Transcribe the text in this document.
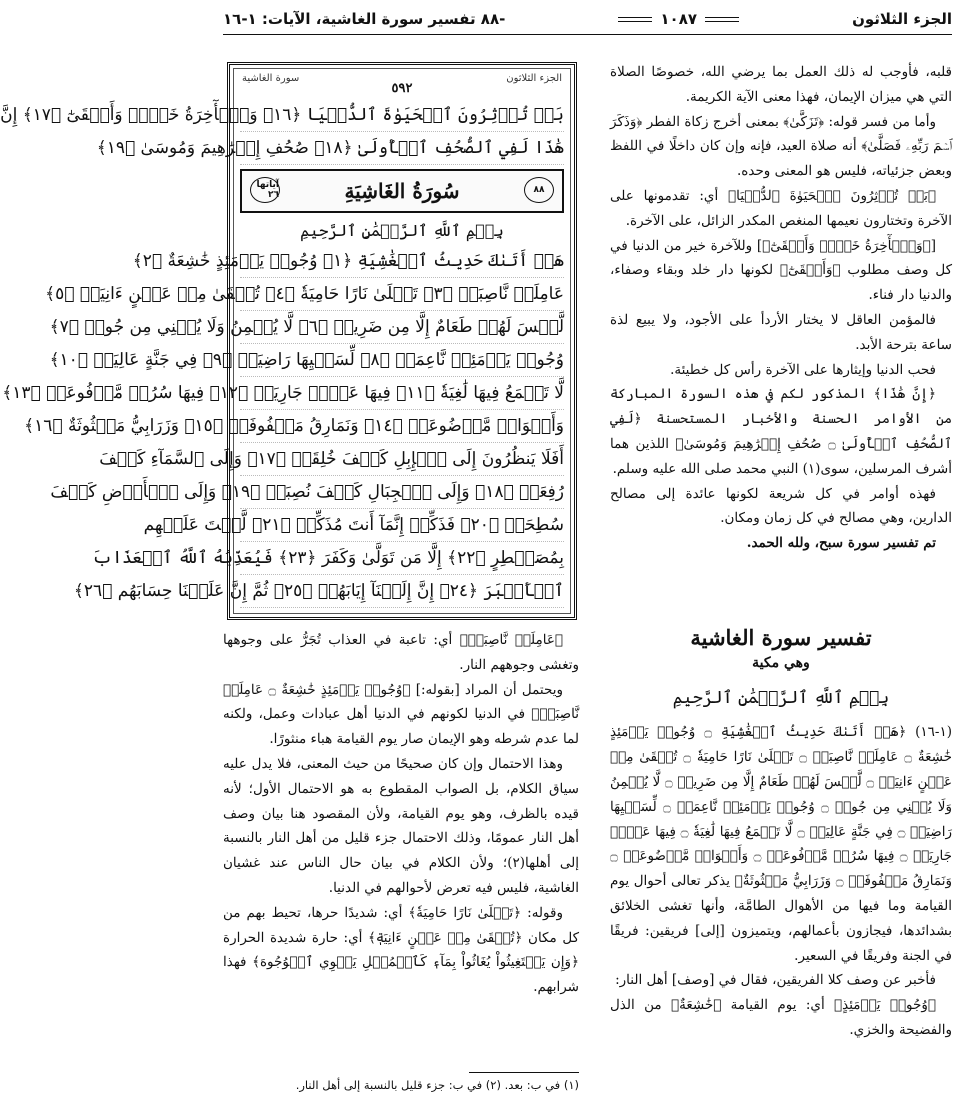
الجزء الثلاثون
١٠٨٧
-٨٨ تفسير سورة الغاشية، الآيات: ١-١٦

قلبه، فأوجب له ذلك العمل بما يرضي الله، خصوصًا الصلاة التي هي ميزان الإيمان، فهذا معنى الآية الكريمة.

وأما من فسر قوله: ﴿تَزَكَّىٰ﴾ بمعنى أخرج زكاة الفطر ﴿وَذَكَرَ ٱسۡمَ رَبِّهِۦ فَصَلَّىٰ﴾ أنه صلاة العيد، فإنه وإن كان داخلًا في اللفظ وبعض جزئياته، فليس هو المعنى وحده.

﴿بَلۡ تُؤۡثِرُونَ ٱلۡحَيَوٰةَ ٱلدُّنۡيَا﴾ أي: تقدمونها على الآخرة وتختارون نعيمها المنغص المكدر الزائل، على الآخرة.

[﴿وَٱلۡأٓخِرَةُ خَيۡرٞ وَأَبۡقَىٰٓ﴾] وللآخرة خير من الدنيا في كل وصف مطلوب ﴿وَأَبۡقَىٰٓ﴾ لكونها دار خلد وبقاء وصفاء، والدنيا دار فناء.

فالمؤمن العاقل لا يختار الأردأ على الأجود، ولا يبيع لذة ساعة بترحة الأبد.

فحب الدنيا وإيثارها على الآخرة رأس كل خطيئة.

﴿إِنَّ هَٰذَا﴾ المذكور لكم في هذه السورة المباركة من الأوامر الحسنة والأخبار المستحسنة ﴿لَفِي ٱلصُّحُفِ ٱلۡأُولَىٰ ۝ صُحُفِ إِبۡرَٰهِيمَ وَمُوسَىٰ﴾ اللذين هما أشرف المرسلين، سوى(١) النبي محمد صلى الله عليه وسلم.

فهذه أوامر في كل شريعة لكونها عائدة إلى مصالح الدارين، وهي مصالح في كل زمان ومكان.

تم تفسير سورة سبح، ولله الحمد.

تفسير سورة الغاشية
وهي مكية
بِسۡمِ ٱللَّهِ ٱلرَّحۡمَٰنِ ٱلرَّحِيمِ

(١-١٦) ﴿هَلۡ أَتَىٰكَ حَدِيثُ ٱلۡغَٰشِيَةِ ۝ وُجُوهٞ يَوۡمَئِذٍ خَٰشِعَةٌ ۝ عَامِلَةٞ نَّاصِبَةٞ ۝ تَصۡلَىٰ نَارًا حَامِيَةٗ ۝ تُسۡقَىٰ مِنۡ عَيۡنٍ ءَانِيَةٖ ۝ لَّيۡسَ لَهُمۡ طَعَامٌ إِلَّا مِن ضَرِيعٖ ۝ لَّا يُسۡمِنُ وَلَا يُغۡنِي مِن جُوعٖ ۝ وُجُوهٞ يَوۡمَئِذٖ نَّاعِمَةٞ ۝ لِّسَعۡيِهَا رَاضِيَةٞ ۝ فِي جَنَّةٍ عَالِيَةٖ ۝ لَّا تَسۡمَعُ فِيهَا لَٰغِيَةٗ ۝ فِيهَا عَيۡنٞ جَارِيَةٞ ۝ فِيهَا سُرُرٞ مَّرۡفُوعَةٞ ۝ وَأَكۡوَابٞ مَّوۡضُوعَةٞ ۝ وَنَمَارِقُ مَصۡفُوفَةٞ ۝ وَزَرَابِيُّ مَبۡثُوثَةٌ﴾ يذكر تعالى أحوال يوم القيامة وما فيها من الأهوال الطامَّة، وأنها تغشى الخلائق بشدائدها، فيجازون بأعمالهم، ويتميزون [إلى] فريقين: فريقًا في الجنة وفريقًا في السعير.

فأخبر عن وصف كلا الفريقين، فقال في [وصف] أهل النار:

﴿وُجُوهٞ يَوۡمَئِذٍ﴾ أي: يوم القيامة ﴿خَٰشِعَةٌ﴾ من الذل والفضيحة والخزي.

الجزء الثلاثون
سورة الغاشية
٥٩٢
بَلۡ تُؤۡثِرُونَ ٱلۡحَيَوٰةَ ٱلدُّنۡيَا ﴿١٦﴾ وَٱلۡأٓخِرَةُ خَيۡرٞ وَأَبۡقَىٰٓ ﴿١٧﴾ إِنَّ
هَٰذَا لَفِي ٱلصُّحُفِ ٱلۡأُولَىٰ ﴿١٨﴾ صُحُفِ إِبۡرَٰهِيمَ وَمُوسَىٰ ﴿١٩﴾
٨٨
سُورَةُ الغَاشِيَةِ
آياتها ٢٦
بِسۡمِ ٱللَّهِ ٱلرَّحۡمَٰنِ ٱلرَّحِيمِ
هَلۡ أَتَىٰكَ حَدِيثُ ٱلۡغَٰشِيَةِ ﴿١﴾ وُجُوهٞ يَوۡمَئِذٍ خَٰشِعَةٌ ﴿٢﴾
عَامِلَةٞ نَّاصِبَةٞ ﴿٣﴾ تَصۡلَىٰ نَارًا حَامِيَةٗ ﴿٤﴾ تُسۡقَىٰ مِنۡ عَيۡنٍ ءَانِيَةٖ ﴿٥﴾
لَّيۡسَ لَهُمۡ طَعَامٌ إِلَّا مِن ضَرِيعٖ ﴿٦﴾ لَّا يُسۡمِنُ وَلَا يُغۡنِي مِن جُوعٖ ﴿٧﴾
وُجُوهٞ يَوۡمَئِذٖ نَّاعِمَةٞ ﴿٨﴾ لِّسَعۡيِهَا رَاضِيَةٞ ﴿٩﴾ فِي جَنَّةٍ عَالِيَةٖ ﴿١٠﴾
لَّا تَسۡمَعُ فِيهَا لَٰغِيَةٗ ﴿١١﴾ فِيهَا عَيۡنٞ جَارِيَةٞ ﴿١٢﴾ فِيهَا سُرُرٞ مَّرۡفُوعَةٞ ﴿١٣﴾
وَأَكۡوَابٞ مَّوۡضُوعَةٞ ﴿١٤﴾ وَنَمَارِقُ مَصۡفُوفَةٞ ﴿١٥﴾ وَزَرَابِيُّ مَبۡثُوثَةٌ ﴿١٦﴾
أَفَلَا يَنظُرُونَ إِلَى ٱلۡإِبِلِ كَيۡفَ خُلِقَتۡ ﴿١٧﴾ وَإِلَى ٱلسَّمَآءِ كَيۡفَ
رُفِعَتۡ ﴿١٨﴾ وَإِلَى ٱلۡجِبَالِ كَيۡفَ نُصِبَتۡ ﴿١٩﴾ وَإِلَى ٱلۡأَرۡضِ كَيۡفَ
سُطِحَتۡ ﴿٢٠﴾ فَذَكِّرۡ إِنَّمَآ أَنتَ مُذَكِّرٞ ﴿٢١﴾ لَّسۡتَ عَلَيۡهِم
بِمُصَيۡطِرٍ ﴿٢٢﴾ إِلَّا مَن تَوَلَّىٰ وَكَفَرَ ﴿٢٣﴾ فَيُعَذِّبُهُ ٱللَّهُ ٱلۡعَذَابَ
ٱلۡأَكۡبَرَ ﴿٢٤﴾ إِنَّ إِلَيۡنَآ إِيَابَهُمۡ ﴿٢٥﴾ ثُمَّ إِنَّ عَلَيۡنَا حِسَابَهُم ﴿٢٦﴾

﴿عَامِلَةٞ نَّاصِبَةٞ﴾ أي: تاعبة في العذاب تُجَرُّ على وجوهها وتغشى وجوههم النار.

ويحتمل أن المراد [بقوله:] ﴿وُجُوهٞ يَوۡمَئِذٍ خَٰشِعَةٌ ۝ عَامِلَةٞ نَّاصِبَةٞ﴾ في الدنيا لكونهم في الدنيا أهل عبادات وعمل، ولكنه لما عدم شرطه وهو الإيمان صار يوم القيامة هباء منثورًا.

وهذا الاحتمال وإن كان صحيحًا من حيث المعنى، فلا يدل عليه سياق الكلام، بل الصواب المقطوع به هو الاحتمال الأول؛ لأنه قيده بالظرف، وهو يوم القيامة، ولأن المقصود هنا بيان وصف أهل النار عمومًا، وذلك الاحتمال جزء قليل من أهل النار بالنسبة إلى أهلها(٢)؛ ولأن الكلام في بيان حال الناس عند غشيان الغاشية، فليس فيه تعرض لأحوالهم في الدنيا.

وقوله: ﴿تَصۡلَىٰ نَارًا حَامِيَةٗ﴾ أي: شديدًا حرها، تحيط بهم من كل مكان ﴿تُسۡقَىٰ مِنۡ عَيۡنٍ ءَانِيَةٖ﴾ أي: حارة شديدة الحرارة ﴿وَإِن يَسۡتَغِيثُواْ يُغَاثُواْ بِمَآءٖ كَٱلۡمُهۡلِ يَشۡوِي ٱلۡوُجُوهَ﴾ فهذا شرابهم.

(١) في ب: بعد. (٢) في ب: جزء قليل بالنسبة إلى أهل النار.
